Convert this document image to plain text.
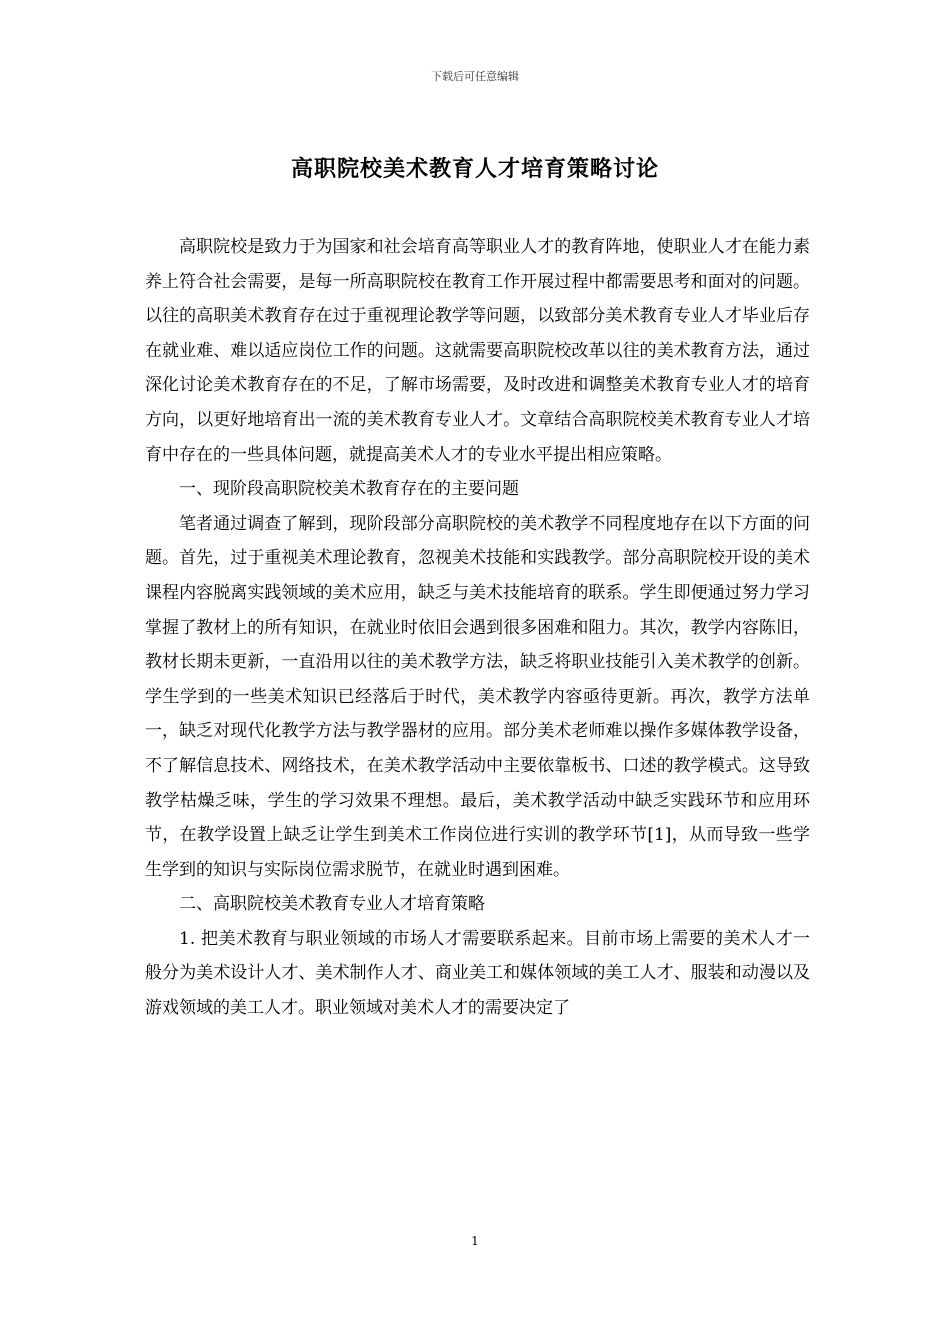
下载后可任意编辑
高职院校美术教育人才培育策略讨论

高职院校是致力于为国家和社会培育高等职业人才的教育阵地，使职业人才在能力素养上符合社会需要，是每一所高职院校在教育工作开展过程中都需要思考和面对的问题。以往的高职美术教育存在过于重视理论教学等问题，以致部分美术教育专业人才毕业后存在就业难、难以适应岗位工作的问题。这就需要高职院校改革以往的美术教育方法，通过深化讨论美术教育存在的不足，了解市场需要，及时改进和调整美术教育专业人才的培育方向，以更好地培育出一流的美术教育专业人才。文章结合高职院校美术教育专业人才培育中存在的一些具体问题，就提高美术人才的专业水平提出相应策略。

一、现阶段高职院校美术教育存在的主要问题

笔者通过调查了解到，现阶段部分高职院校的美术教学不同程度地存在以下方面的问题。首先，过于重视美术理论教育，忽视美术技能和实践教学。部分高职院校开设的美术课程内容脱离实践领域的美术应用，缺乏与美术技能培育的联系。学生即便通过努力学习掌握了教材上的所有知识，在就业时依旧会遇到很多困难和阻力。其次，教学内容陈旧，教材长期未更新，一直沿用以往的美术教学方法，缺乏将职业技能引入美术教学的创新。学生学到的一些美术知识已经落后于时代，美术教学内容亟待更新。再次，教学方法单一，缺乏对现代化教学方法与教学器材的应用。部分美术老师难以操作多媒体教学设备，不了解信息技术、网络技术，在美术教学活动中主要依靠板书、口述的教学模式。这导致教学枯燥乏味，学生的学习效果不理想。最后，美术教学活动中缺乏实践环节和应用环节，在教学设置上缺乏让学生到美术工作岗位进行实训的教学环节[1]，从而导致一些学生学到的知识与实际岗位需求脱节，在就业时遇到困难。

二、高职院校美术教育专业人才培育策略

1. 把美术教育与职业领域的市场人才需要联系起来。目前市场上需要的美术人才一般分为美术设计人才、美术制作人才、商业美工和媒体领域的美工人才、服装和动漫以及游戏领域的美工人才。职业领域对美术人才的需要决定了

1
